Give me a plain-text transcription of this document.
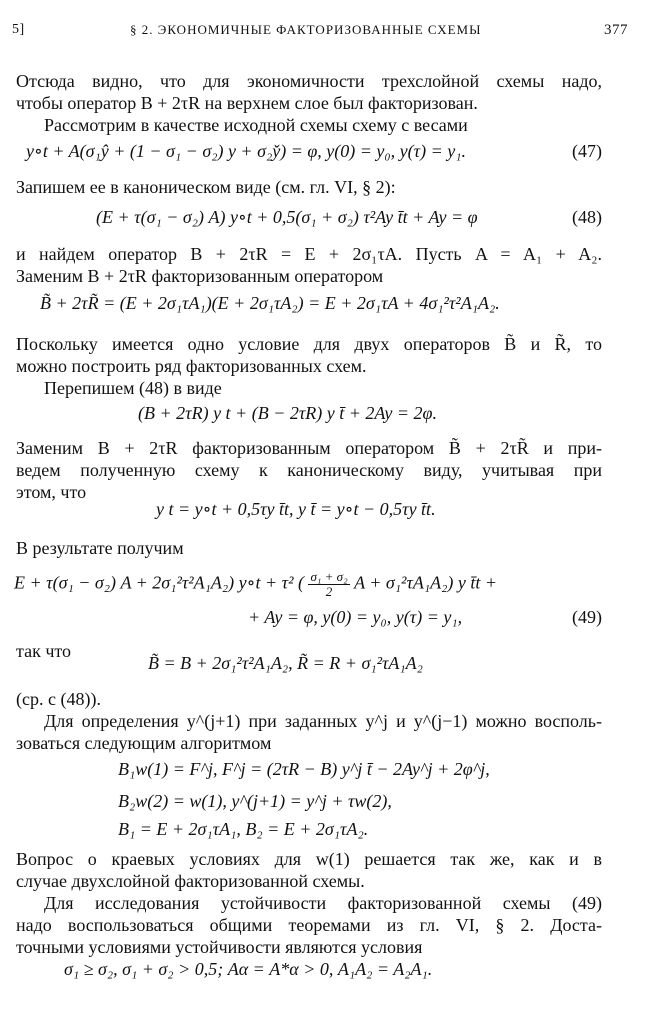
5]	§ 2. ЭКОНОМИЧНЫЕ ФАКТОРИЗОВАННЫЕ СХЕМЫ	377
Отсюда видно, что для экономичности трехслойной схемы надо,
чтобы оператор B + 2τR на верхнем слое был факторизован.
Рассмотрим в качестве исходной схемы схему с весами
y∘t + A(σ₁ŷ + (1 − σ₁ − σ₂) y + σ₂y̌) = φ, y(0) = y₀, y(τ) = y₁.
Запишем ее в каноническом виде (см. гл. VI, § 2):
(E + τ(σ₁ − σ₂) A) y∘t + 0,5(σ₁ + σ₂) τ²Ay t̄t + Ay = φ	(48)
и найдем оператор B + 2τR = E + 2σ₁τA. Пусть A = A₁ + A₂.
Заменим B + 2τR факторизованным оператором
B̃ + 2τR̃ = (E + 2σ₁τA₁)(E + 2σ₁τA₂) = E + 2σ₁τA + 4σ₁²τ²A₁A₂.
Поскольку имеется одно условие для двух операторов B̃ и R̃, то
можно построить ряд факторизованных схем.
Перепишем (48) в виде
(B + 2τR) y t + (B − 2τR) y t̄ + 2Ay = 2φ.
Заменим B + 2τR факторизованным оператором B̃ + 2τR̃ и при-
ведем полученную схему к каноническому виду, учитывая при
этом, что
y t = y∘t + 0,5τy t̄t, y t̄ = y∘t − 0,5τy t̄t.
В результате получим
E + τ(σ₁ − σ₂) A + 2σ₁²τ²A₁A₂) y∘t + τ² ( $\frac{\text{σ₁ + σ₂}}{2}$ A + σ₁²τA₁A₂) y t̄t +
+ Ay = φ, y(0) = y₀, y(τ) = y₁,	(49)
так что
B̃ = B + 2σ₁²τ²A₁A₂, R̃ = R + σ₁²τA₁A₂
(ср. с (48)).
Для определения y^(j+1) при заданных y^j и y^(j−1) можно восполь-
зоваться следующим алгоритмом
B₁w(1) = F^j, F^j = (2τR − B) y^j t̄ − 2Ay^j + 2φ^j,
B₂w(2) = w(1), y^(j+1) = y^j + τw(2),
B₁ = E + 2σ₁τA₁, B₂ = E + 2σ₁τA₂.
Вопрос о краевых условиях для w(1) решается так же, как и в
случае двухслойной факторизованной схемы.
Для исследования устойчивости факторизованной схемы (49)
надо воспользоваться общими теоремами из гл. VI, § 2. Доста-
точными условиями устойчивости являются условия
σ₁ ≥ σ₂, σ₁ + σ₂ > 0,5; Aα = A*α > 0, A₁A₂ = A₂A₁.
(47)
